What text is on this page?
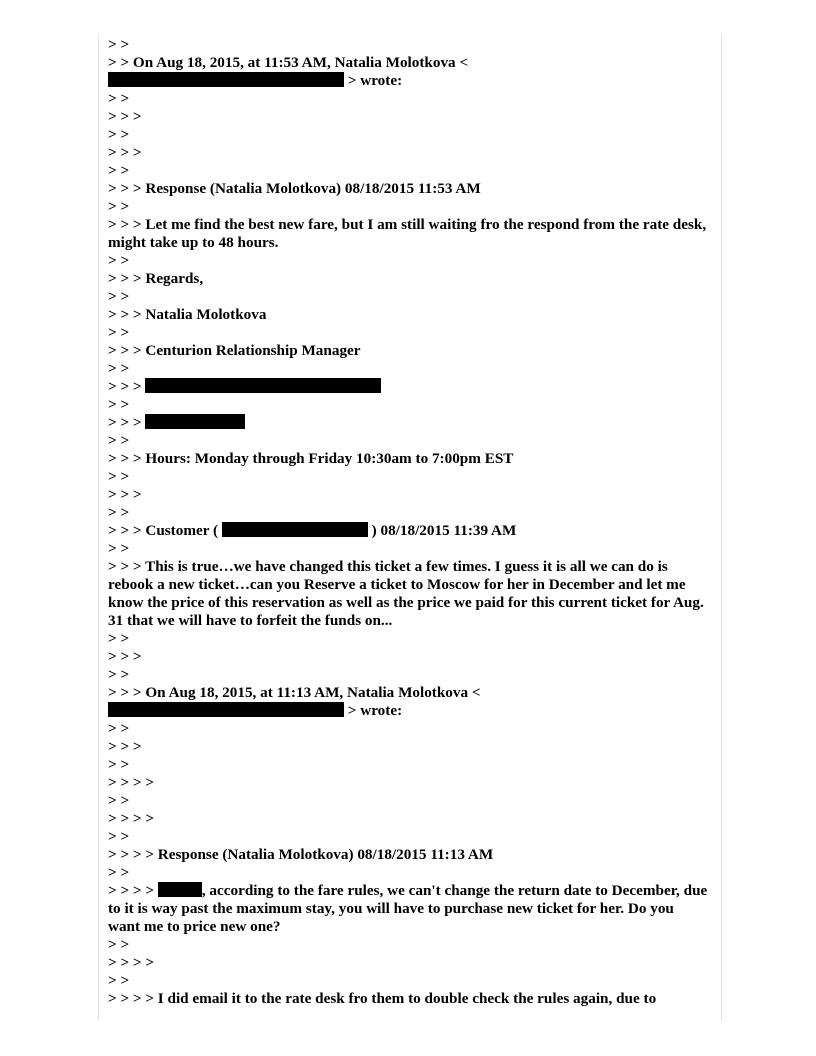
> >
> > On Aug 18, 2015, at 11:53 AM, Natalia Molotkova <
> wrote:
> >
> > >
> >
> > >
> >
> > > Response (Natalia Molotkova) 08/18/2015 11:53 AM
> >
> > > Let me find the best new fare, but I am still waiting fro the respond from the rate desk, might take up to 48 hours.
> >
> > > Regards,
> >
> > > Natalia Molotkova
> >
> > > Centurion Relationship Manager
> >
> > >
> >
> > >
> >
> > > Hours: Monday through Friday 10:30am to 7:00pm EST
> >
> > >
> >
> > > Customer (	) 08/18/2015 11:39 AM
> >
> > > This is true…we have changed this ticket a few times. I guess it is all we can do is rebook a new ticket…can you Reserve a ticket to Moscow for her in December and let me know the price of this reservation as well as the price we paid for this current ticket for Aug. 31 that we will have to forfeit the funds on...
> >
> > >
> >
> > > On Aug 18, 2015, at 11:13 AM, Natalia Molotkova <
> wrote:
> >
> > >
> >
> > > >
> >
> > > >
> >
> > > > Response (Natalia Molotkova) 08/18/2015 11:13 AM
> >
> > > >	, according to the fare rules, we can't change the return date to December, due to it is way past the maximum stay, you will have to purchase new ticket for her. Do you want me to price new one?
> >
> > > >
> >
> > > > I did email it to the rate desk fro them to double check the rules again, due to
